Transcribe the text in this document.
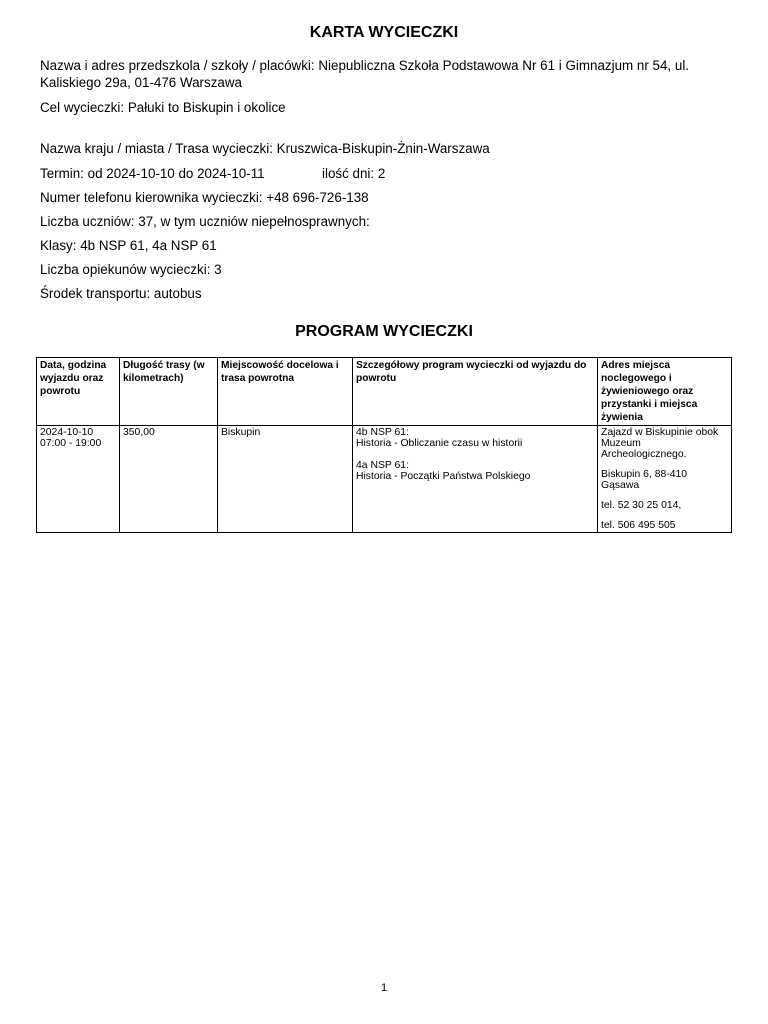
KARTA WYCIECZKI
Nazwa i adres przedszkola / szkoły / placówki: Niepubliczna Szkoła Podstawowa Nr 61 i Gimnazjum nr 54, ul. Kaliskiego 29a, 01-476 Warszawa
Cel wycieczki: Pałuki to Biskupin i okolice
Nazwa kraju / miasta / Trasa wycieczki: Kruszwica-Biskupin-Żnin-Warszawa
Termin: od 2024-10-10 do 2024-10-11	ilość dni: 2
Numer telefonu kierownika wycieczki: +48 696-726-138
Liczba uczniów: 37, w tym uczniów niepełnosprawnych:
Klasy: 4b NSP 61, 4a NSP 61
Liczba opiekunów wycieczki: 3
Środek transportu: autobus
PROGRAM WYCIECZKI
Data, godzina wyjazdu oraz powrotu	Długość trasy (w kilometrach)	Miejscowość docelowa i trasa powrotna	Szczegółowy program wycieczki od wyjazdu do powrotu	Adres miejsca noclegowego i żywieniowego oraz przystanki i miejsca żywienia

2024-10-10
07:00 - 19:00	350,00	Biskupin	4b NSP 61:
Historia - Obliczanie czasu w historii
4a NSP 61:
Historia - Początki Państwa Polskiego	Zajazd w Biskupinie obok Muzeum Archeologicznego.
Biskupin 6, 88-410 Gąsawa
tel. 52 30 25 014,
tel. 506 495 505
1
